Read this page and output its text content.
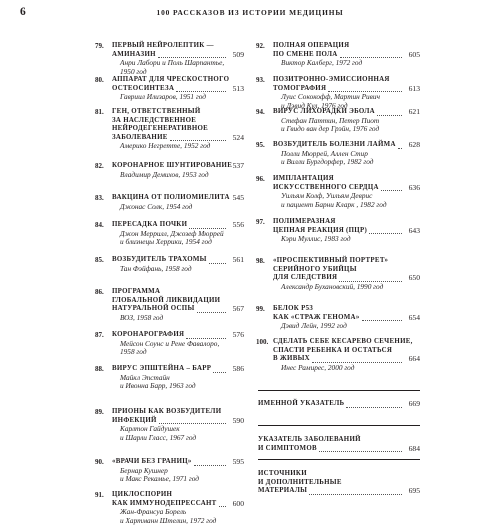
6	100 РАССКАЗОВ ИЗ ИСТОРИИ МЕДИЦИНЫ
79. ПЕРВЫЙ НЕЙРОЛЕПТИК —
АМИНАЗИН
Анри Лабори и Поль Шарпантье,
1950 год
509
80. АППАРАТ ДЛЯ ЧРЕСКОСТНОГО
ОСТЕОСИНТЕЗА
Гавриил Илизаров, 1951 год
513
81. ГЕН, ОТВЕТСТВЕННЫЙ
ЗА НАСЛЕДСТВЕННОЕ
НЕЙРОДЕГЕНЕРАТИВНОЕ
ЗАБОЛЕВАНИЕ
Америко Негретте, 1952 год
524
82. КОРОНАРНОЕ ШУНТИРОВАНИЕ
Владимир Демихов, 1953 год
537
83. ВАКЦИНА ОТ ПОЛИОМИЕЛИТА
Джонас Солк, 1954 год
545
84. ПЕРЕСАДКА ПОЧКИ
Джон Меррилл, Джозеф Мюррей
и близнецы Херрики, 1954 год
556
85. ВОЗБУДИТЕЛЬ ТРАХОМЫ
Тан Фэйфань, 1958 год
561
86. ПРОГРАММА
ГЛОБАЛЬНОЙ ЛИКВИДАЦИИ
НАТУРАЛЬНОЙ ОСПЫ
ВОЗ, 1958 год
567
87. КОРОНАРОГРАФИЯ
Мейсон Соунс и Рене Фавалоро,
1958 год
576
88. ВИРУС ЭПШТЕЙНА – БАРР
Майкл Эпстайн
и Ивонна Барр, 1963 год
586
89. ПРИОНЫ КАК ВОЗБУДИТЕЛИ
ИНФЕКЦИЙ
Карлтон Гайдушек
и Шарли Гласс, 1967 год
590
90. «ВРАЧИ БЕЗ ГРАНИЦ»
Бернар Кушнер
и Макс Рекамье, 1971 год
595
91. ЦИКЛОСПОРИН
КАК ИММУНОДЕПРЕССАНТ
Жан-Франсуа Борель
и Хартманн Штелин, 1972 год
600
92. ПОЛНАЯ ОПЕРАЦИЯ
ПО СМЕНЕ ПОЛА
Виктор Калберг, 1972 год
605
93. ПОЗИТРОННО-ЭМИССИОННАЯ
ТОМОГРАФИЯ
Луис Сококофф, Мартин Ривич
и Дэвид Кул, 1976 год
613
94. ВИРУС ЛИХОРАДКИ ЭБОЛА
Стефан Паттин, Петер Пиот
и Гвидо ван дер Грэйн, 1976 год
621
95. ВОЗБУДИТЕЛЬ БОЛЕЗНИ ЛАЙМА
Полли Мюррей, Аллен Стир
и Вилли Бургдорфер, 1982 год
628
96. ИМПЛАНТАЦИЯ
ИСКУССТВЕННОГО СЕРДЦА
Уильям Колф, Уильям Деврис
и пациент Барни Кларк , 1982 год
636
97. ПОЛИМЕРАЗНАЯ
ЦЕПНАЯ РЕАКЦИЯ (ПЦР)
Кэри Муллис, 1983 год
643
98. «ПРОСПЕКТИВНЫЙ ПОРТРЕТ»
СЕРИЙНОГО УБИЙЦЫ
ДЛЯ СЛЕДСТВИЯ
Александр Бухановский, 1990 год
650
99. БЕЛОК P53
КАК «СТРАЖ ГЕНОМА»
Дэвид Лейн, 1992 год
654
100. СДЕЛАТЬ СЕБЕ КЕСАРЕВО СЕЧЕНИЕ,
СПАСТИ РЕБЕНКА И ОСТАТЬСЯ
В ЖИВЫХ
Инес Рамирес, 2000 год
664
ИМЕННОЙ УКАЗАТЕЛЬ	669
УКАЗАТЕЛЬ ЗАБОЛЕВАНИЙ
И СИМПТОМОВ	684
ИСТОЧНИКИ
И ДОПОЛНИТЕЛЬНЫЕ
МАТЕРИАЛЫ	695
